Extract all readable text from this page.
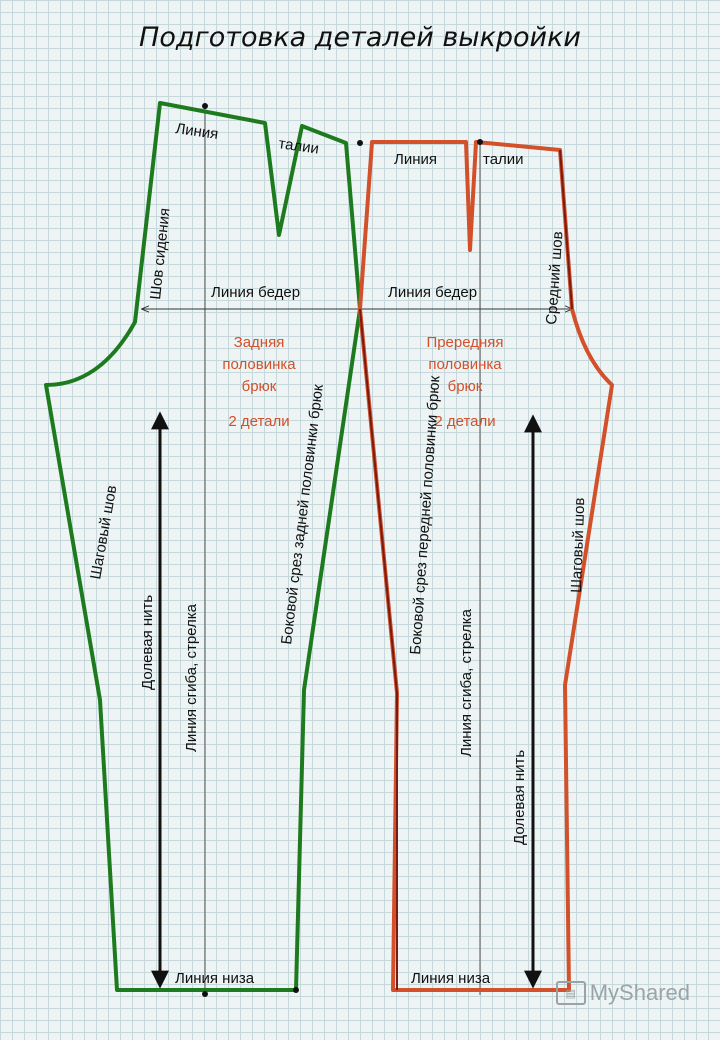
Подготовка деталей выкройки
Линия
талии
Линия	талии
Шов сидения	Средний шов
Линия бедер	Линия бедер
Задняя
половинка
брюк
2 детали
Прередняя
половинка
брюк
2 детали
Боковой срез задней половинки брюк	Боковой срез передней половинки брюк
Шаговый шов	Шаговый шов
Долевая нить
Долевая нить
Линия сгиба, стрелка	Линия сгиба, стрелка
Линия низа	Линия низа
▤ MyShared
